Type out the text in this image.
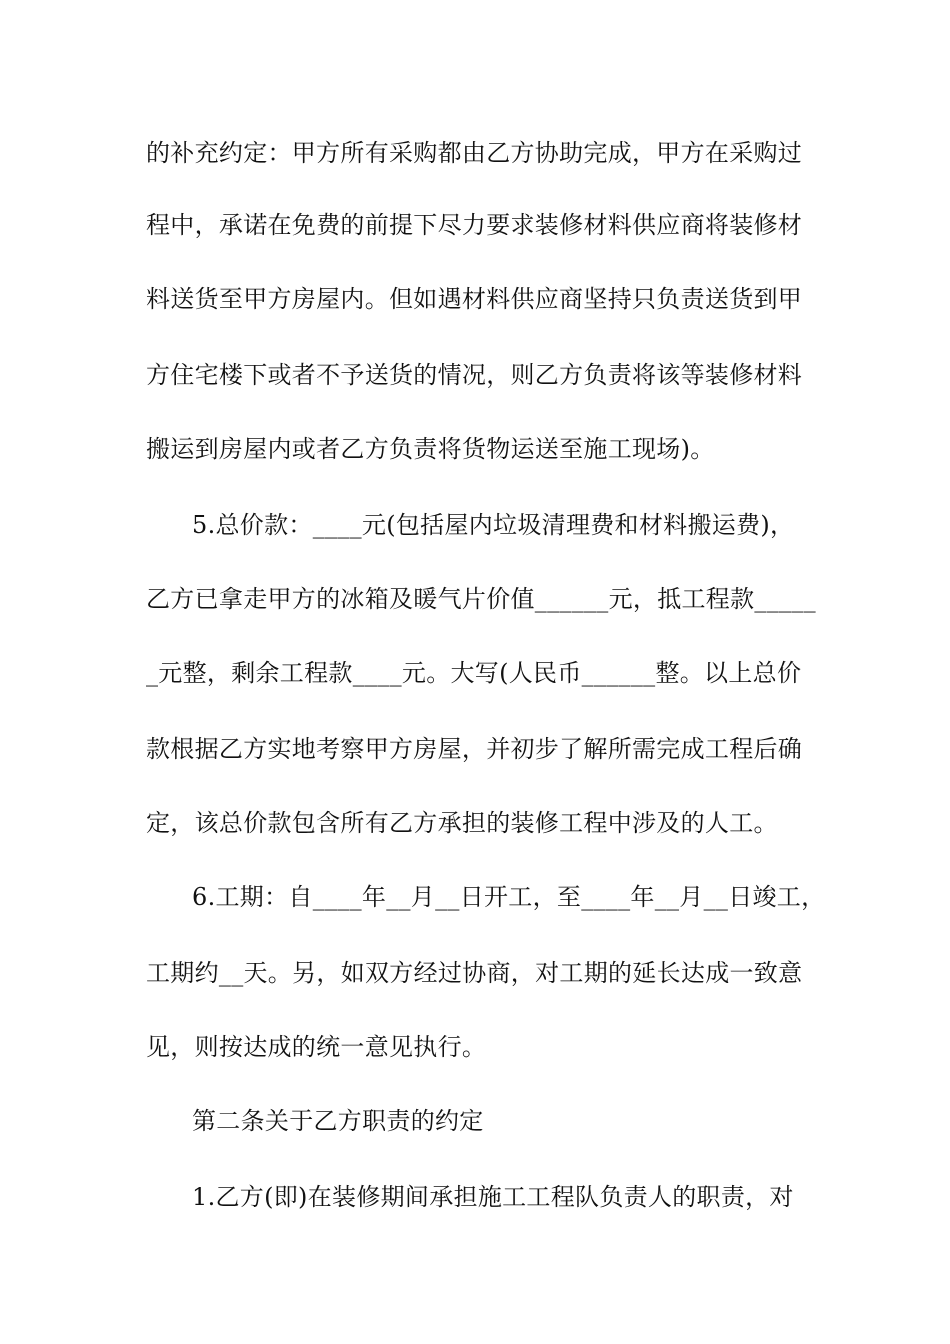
的补充约定：甲方所有采购都由乙方协助完成，甲方在采购过
程中，承诺在免费的前提下尽力要求装修材料供应商将装修材
料送货至甲方房屋内。但如遇材料供应商坚持只负责送货到甲
方住宅楼下或者不予送货的情况，则乙方负责将该等装修材料
搬运到房屋内或者乙方负责将货物运送至施工现场)。
5.总价款：____元(包括屋内垃圾清理费和材料搬运费)，
乙方已拿走甲方的冰箱及暖气片价值______元，抵工程款_____
_元整，剩余工程款____元。大写(人民币______整。以上总价
款根据乙方实地考察甲方房屋，并初步了解所需完成工程后确
定，该总价款包含所有乙方承担的装修工程中涉及的人工。
6.工期：自____年__月__日开工，至____年__月__日竣工，
工期约__天。另，如双方经过协商，对工期的延长达成一致意
见，则按达成的统一意见执行。
第二条关于乙方职责的约定
1.乙方(即)在装修期间承担施工工程队负责人的职责，对
